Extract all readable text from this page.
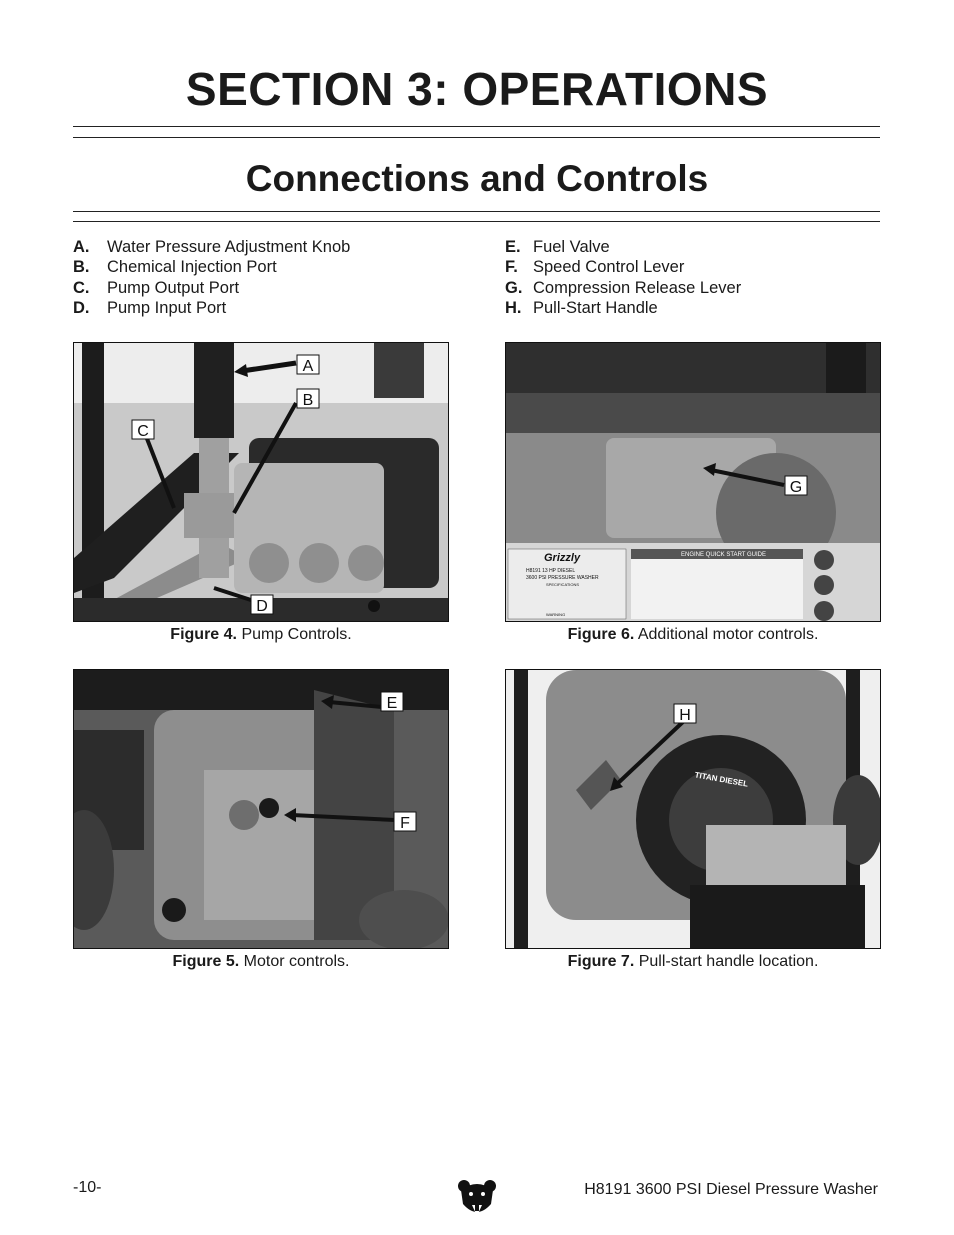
SECTION 3: OPERATIONS
Connections and Controls
A. Water Pressure Adjustment Knob
B. Chemical Injection Port
C. Pump Output Port
D. Pump Input Port
E. Fuel Valve
F. Speed Control Lever
G. Compression Release Lever
H. Pull-Start Handle
A
B
C
D
Figure 4. Pump Controls.
Grizzly
H8191 13 HP DIESEL
3600 PSI PRESSURE WASHER
SPECIFICATIONS
WARNING
ENGINE QUICK START GUIDE
G
Figure 6. Additional motor controls.
E
F
Figure 5. Motor controls.
TITAN DIESEL
H
Figure 7. Pull-start handle location.
-10-	H8191 3600 PSI Diesel Pressure Washer
